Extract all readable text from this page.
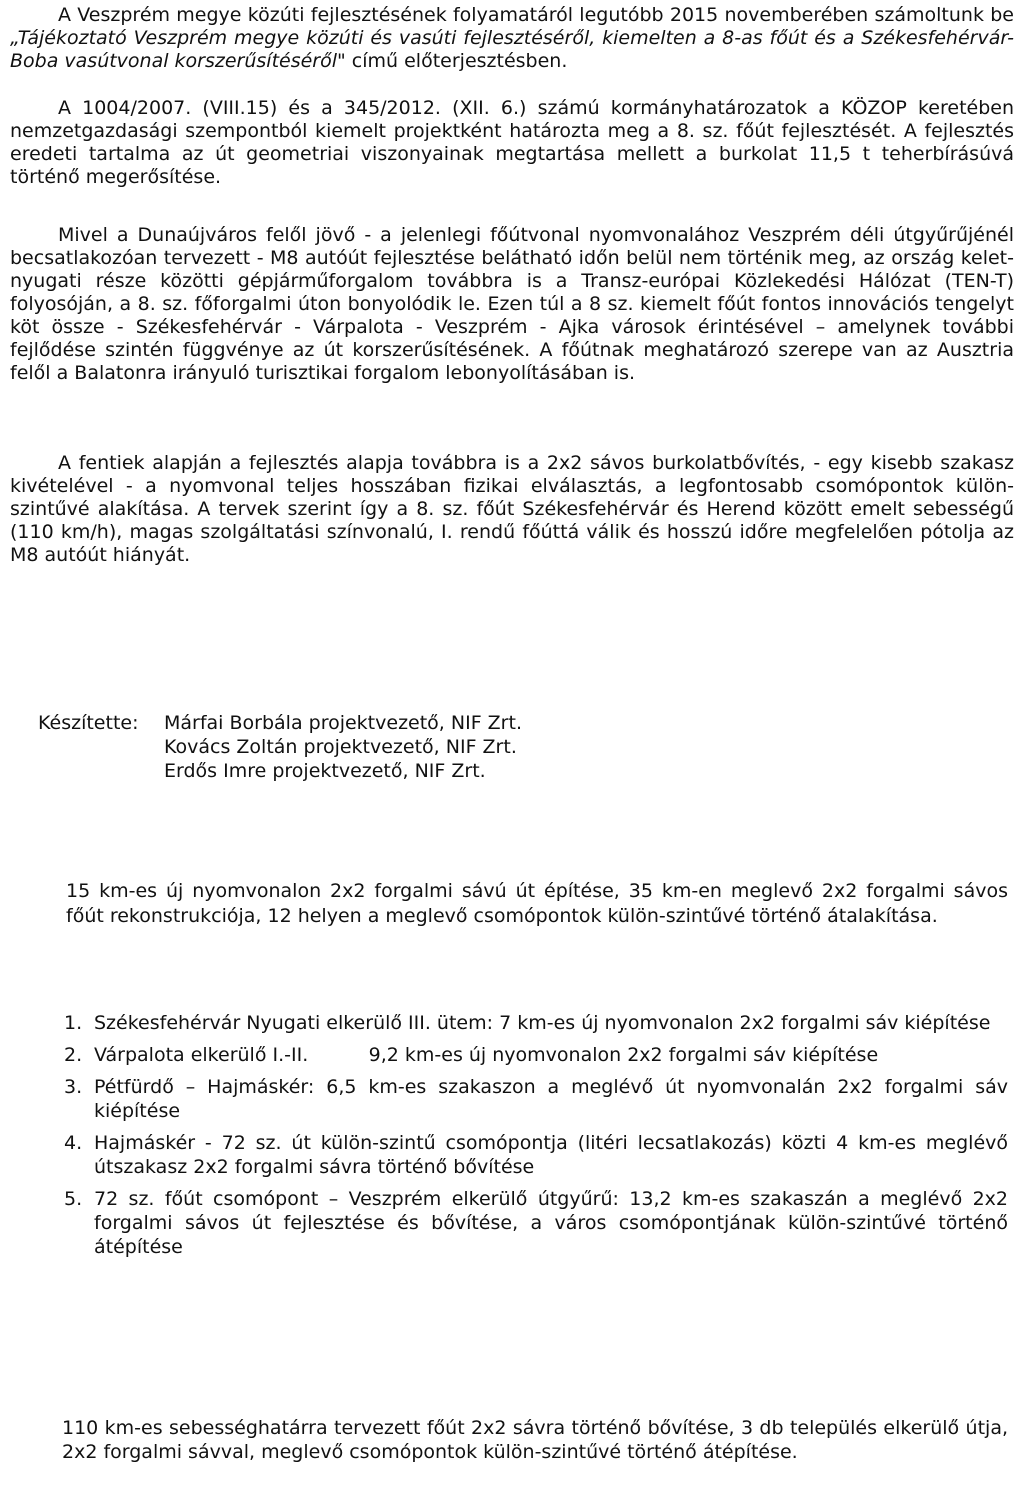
A Veszprém megye közúti fejlesztésének folyamatáról legutóbb 2015 novemberében számoltunk be „Tájékoztató Veszprém megye közúti és vasúti fejlesztéséről, kiemelten a 8-as főút és a Székesfehérvár-Boba vasútvonal korszerűsítéséről" című előterjesztésben.

A 1004/2007. (VIII.15) és a 345/2012. (XII. 6.) számú kormányhatározatok a KÖZOP keretében nemzetgazdasági szempontból kiemelt projektként határozta meg a 8. sz. főút fejlesztését. A fejlesztés eredeti tartalma az út geometriai viszonyainak megtartása mellett a burkolat 11,5 t teherbírásúvá történő megerősítése.

Mivel a Dunaújváros felől jövő - a jelenlegi főútvonal nyomvonalához Veszprém déli útgyűrűjénél becsatlakozóan tervezett - M8 autóút fejlesztése belátható időn belül nem történik meg, az ország kelet-nyugati része közötti gépjárműforgalom továbbra is a Transz-európai Közlekedési Hálózat (TEN-T) folyosóján, a 8. sz. főforgalmi úton bonyolódik le. Ezen túl a 8 sz. kiemelt főút fontos innovációs tengelyt köt össze - Székesfehérvár - Várpalota - Veszprém - Ajka városok érintésével – amelynek további fejlődése szintén függvénye az út korszerűsítésének. A főútnak meghatározó szerepe van az Ausztria felől a Balatonra irányuló turisztikai forgalom lebonyolításában is.

A fentiek alapján a fejlesztés alapja továbbra is a 2x2 sávos burkolatbővítés, - egy kisebb szakasz kivételével - a nyomvonal teljes hosszában fizikai elválasztás, a legfontosabb csomópontok külön-szintűvé alakítása. A tervek szerint így a 8. sz. főút Székesfehérvár és Herend között emelt sebességű (110 km/h), magas szolgáltatási színvonalú, I. rendű főúttá válik és hosszú időre megfelelően pótolja az M8 autóút hiányát.

Készítette:	Márfai Borbála projektvezető, NIF Zrt.
Kovács Zoltán projektvezető, NIF Zrt.
Erdős Imre projektvezető, NIF Zrt.

15 km-es új nyomvonalon 2x2 forgalmi sávú út építése, 35 km-en meglevő 2x2 forgalmi sávos főút rekonstrukciója, 12 helyen a meglevő csomópontok külön-szintűvé történő átalakítása.

1. Székesfehérvár Nyugati elkerülő III. ütem: 7 km-es új nyomvonalon 2x2 forgalmi sáv kiépítése
2. Várpalota elkerülő I.-II.          9,2 km-es új nyomvonalon 2x2 forgalmi sáv kiépítése
3. Pétfürdő – Hajmáskér: 6,5 km-es szakaszon a meglévő út nyomvonalán 2x2 forgalmi sáv kiépítése
4. Hajmáskér - 72 sz. út külön-szintű csomópontja (litéri lecsatlakozás) közti 4 km-es meglévő útszakasz 2x2 forgalmi sávra történő bővítése
5. 72 sz. főút csomópont – Veszprém elkerülő útgyűrű: 13,2 km-es szakaszán a meglévő 2x2 forgalmi sávos út fejlesztése és bővítése, a város csomópontjának külön-szintűvé történő átépítése

110 km-es sebességhatárra tervezett főút 2x2 sávra történő bővítése, 3 db település elkerülő útja, 2x2 forgalmi sávval, meglevő csomópontok külön-szintűvé történő átépítése.
